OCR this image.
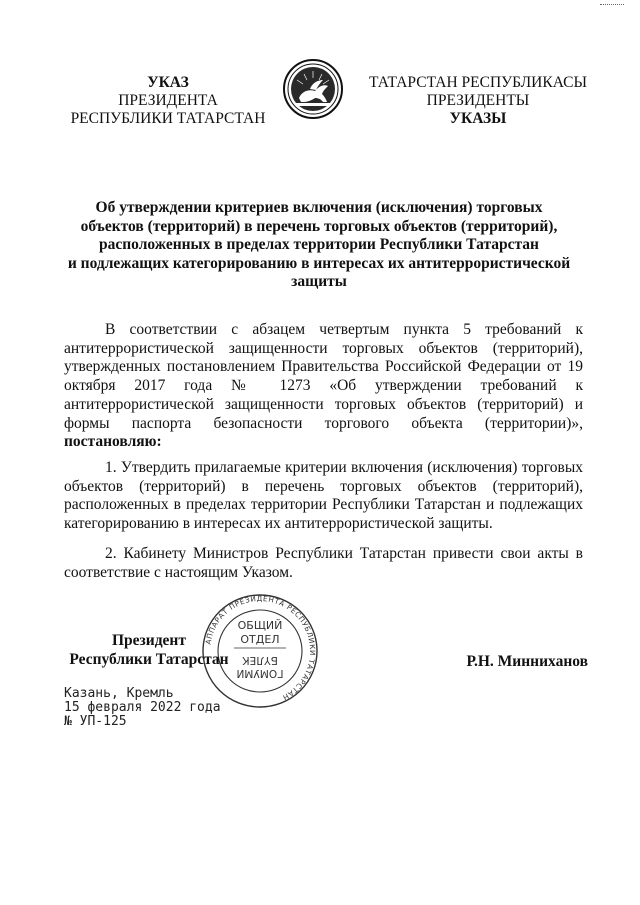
УКАЗ
ПРЕЗИДЕНТА
РЕСПУБЛИКИ ТАТАРСТАН
ТАТАРСТАН РЕСПУБЛИКАСЫ
ПРЕЗИДЕНТЫ
УКАЗЫ
Об утверждении критериев включения (исключения) торговых
объектов (территорий) в перечень торговых объектов (территорий),
расположенных в пределах территории Республики Татарстан
и подлежащих категорированию в интересах их антитеррористической
защиты
В соответствии с абзацем четвертым пункта 5 требований к антитеррористической защищенности торговых объектов (территорий), утвержденных постановлением Правительства Российской Федерации от 19 октября 2017 года № 1273 «Об утверждении требований к антитеррористической защищенности торговых объектов (территорий) и формы паспорта безопасности торгового объекта (территории)», постановляю:
1. Утвердить прилагаемые критерии включения (исключения) торговых объектов (территорий) в перечень торговых объектов (территорий), расположенных в пределах территории Республики Татарстан и подлежащих категорированию в интересах их антитеррористической защиты.
2. Кабинету Министров Республики Татарстан привести свои акты в соответствие с настоящим Указом.
АППАРАТ ПРЕЗИДЕНТА РЕСПУБЛИКИ ТАТАРСТАН
ОБЩИЙ
ОТДЕЛ
ГОМУМИ
БҮЛЕК
Президент
Республики Татарстан	Р.Н. Минниханов
Казань, Кремль
15 февраля 2022 года
№ УП-125
